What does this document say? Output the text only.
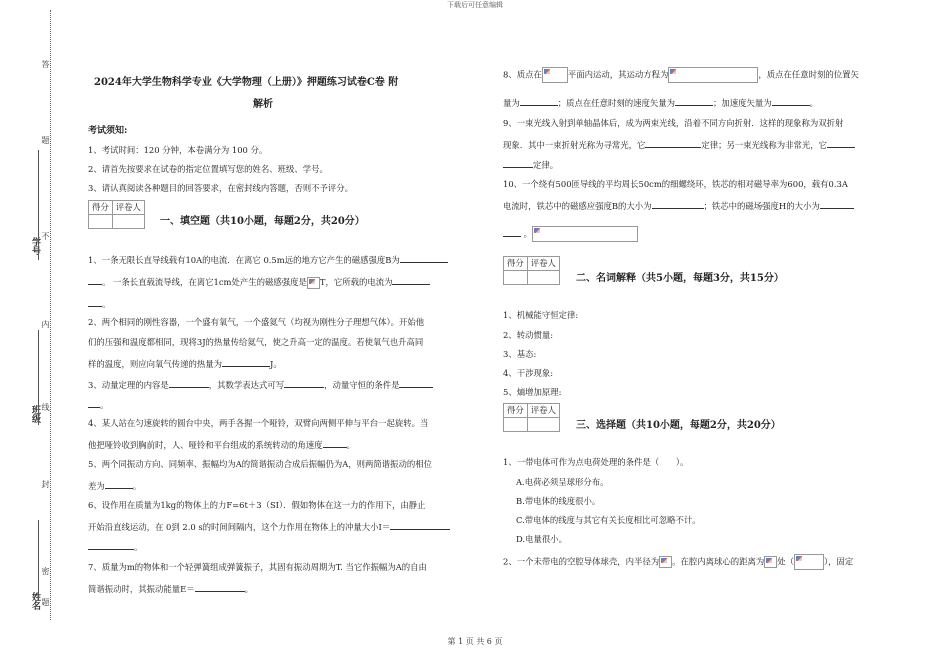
下载后可任意编辑
第 1 页 共 6 页
答
题
学号
不
内
班级 线
封
姓名
密
题

2024年大学生物科学专业《大学物理（上册）》押题练习试卷C卷 附

解析

考试须知:

1、考试时间：120 分钟，本卷满分为 100 分。

2、请首先按要求在试卷的指定位置填写您的姓名、班级、学号。

3、请认真阅读各种题目的回答要求，在密封线内答题，否则不予评分。

得分	评卷人

一、填空题（共10小题，每题2分，共20分）

1、一条无限长直导线载有10A的电流．在离它 0.5m远的地方它产生的磁感强度B为

。 一条长直载流导线，在离它1cm处产生的磁感强度是 T，它所载的电流为

。

2、两个相同的刚性容器，一个盛有氧气，一个盛氦气（均视为刚性分子理想气体）。开始他

们的压强和温度都相同，现将3J的热量传给氦气，使之升高一定的温度。若使氧气也升高同

样的温度，则应向氧气传递的热量为	J。

3、动量定理的内容是	，其数学表达式可写	，动量守恒的条件是

。

4、某人站在匀速旋转的圆台中央，两手各握一个哑铃，双臂向两侧平伸与平台一起旋转。当

他把哑铃收到胸前时，人、哑铃和平台组成的系统转动的角速度	。

5、两个同振动方向、同频率、振幅均为A的简谐振动合成后振幅仍为A，则两简谐振动的相位

差为	。

6、设作用在质量为1kg的物体上的力F=6t＋3（SI）．假如物体在这一力的作用下，由静止

开始沿直线运动，在 0到 2.0 s的时间间隔内，这个力作用在物体上的冲量大小I＝

。

7、质量为m的物体和一个轻弹簧组成弹簧振子，其固有振动周期为T. 当它作振幅为A的自由

简谐振动时，其振动能量E＝	。

8、质点在	平面内运动，其运动方程为	，质点在任意时刻的位置矢

量为	；质点在任意时刻的速度矢量为	；加速度矢量为	。

9、一束光线入射到单轴晶体后，成为两束光线，沿着不同方向折射．这样的现象称为双折射

现象．其中一束折射光称为寻常光，它	定律；另一束光线称为非常光，它

定律。

10、一个绕有500匝导线的平均周长50cm的细螺绕环，铁芯的相对磁导率为600，载有0.3A

电流时，铁芯中的磁感应强度B的大小为	；铁芯中的磁场强度H的大小为

。

得分	评卷人

二、名词解释（共5小题，每题3分，共15分）

1、机械能守恒定律:

2、转动惯量:

3、基态:

4、干涉现象:

5、熵增加原理:

得分	评卷人

三、选择题（共10小题，每题2分，共20分）

1、一带电体可作为点电荷处理的条件是（　　）。

A.电荷必须呈球形分布。

B.带电体的线度很小。

C.带电体的线度与其它有关长度相比可忽略不计。

D.电量很小。

2、一个未带电的空腔导体球壳，内半径为 。在腔内离球心的距离为 处（	），固定
